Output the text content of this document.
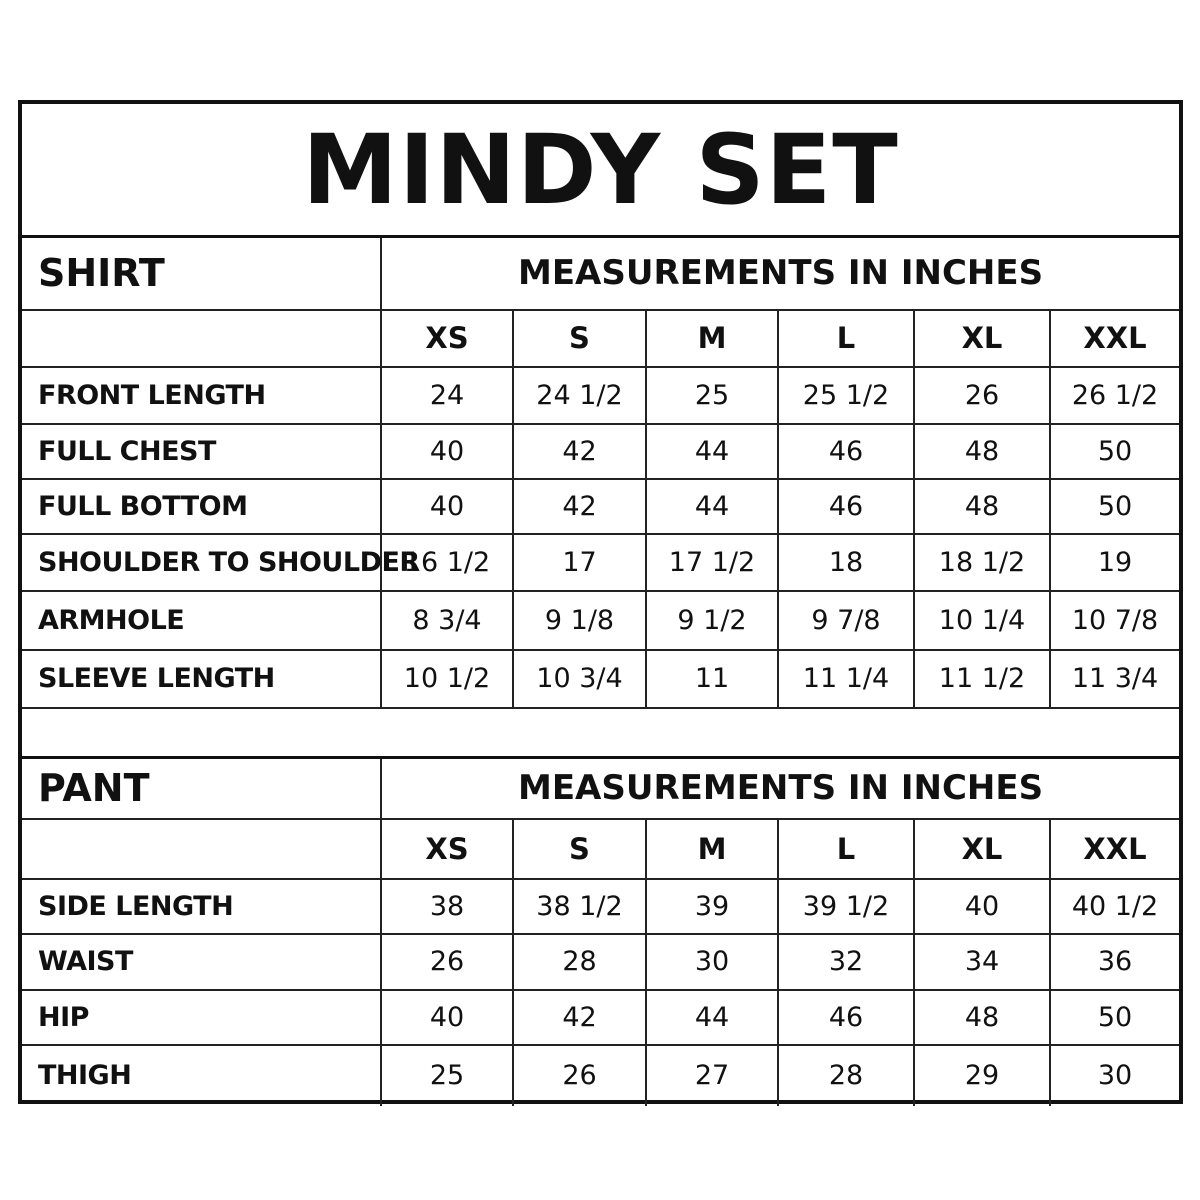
MINDY SET
SHIRT	MEASUREMENTS IN INCHES					
	XS	S	M	L	XL	XXL
FRONT LENGTH	24	24 1/2	25	25 1/2	26	26 1/2
FULL CHEST	40	42	44	46	48	50
FULL BOTTOM	40	42	44	46	48	50
SHOULDER TO SHOULDER	16 1/2	17	17 1/2	18	18 1/2	19
ARMHOLE	8 3/4	9 1/8	9 1/2	9 7/8	10 1/4	10 7/8
SLEEVE LENGTH	10 1/2	10 3/4	11	11 1/4	11 1/2	11 3/4
PANT	MEASUREMENTS IN INCHES					
	XS	S	M	L	XL	XXL
SIDE LENGTH	38	38 1/2	39	39 1/2	40	40 1/2
WAIST	26	28	30	32	34	36
HIP	40	42	44	46	48	50
THIGH	25	26	27	28	29	30
